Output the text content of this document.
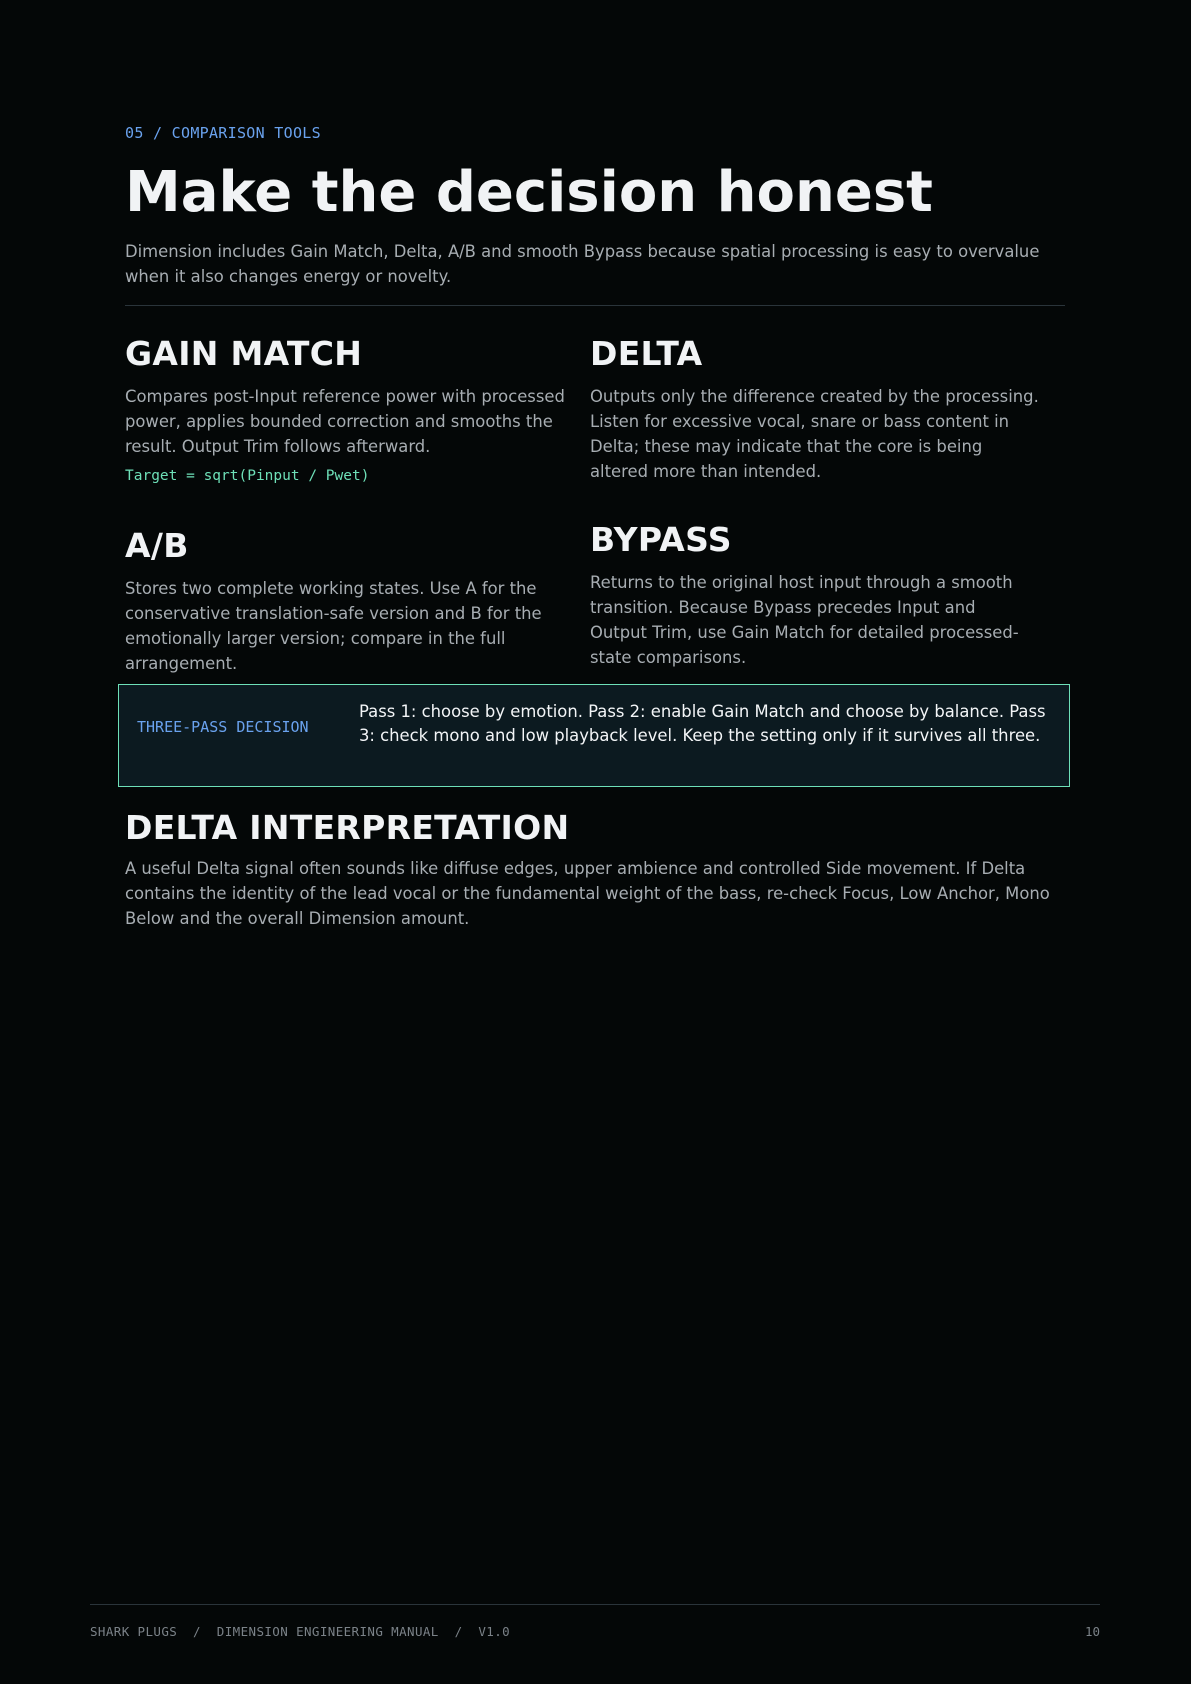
05 / COMPARISON TOOLS
Make the decision honest

Dimension includes Gain Match, Delta, A/B and smooth Bypass because spatial processing is easy to overvalue when it also changes energy or novelty.

GAIN MATCH

Compares post-Input reference power with processed power, applies bounded correction and smooths the result. Output Trim follows afterward.

Target = sqrt(Pinput / Pwet)
DELTA

Outputs only the difference created by the processing. Listen for excessive vocal, snare or bass content in Delta; these may indicate that the core is being altered more than intended.

A/B

Stores two complete working states. Use A for the conservative translation-safe version and B for the emotionally larger version; compare in the full arrangement.

BYPASS

Returns to the original host input through a smooth transition. Because Bypass precedes Input and Output Trim, use Gain Match for detailed processed-state comparisons.

DELTA INTERPRETATION

A useful Delta signal often sounds like diffuse edges, upper ambience and controlled Side movement. If Delta contains the identity of the lead vocal or the fundamental weight of the bass, re-check Focus, Low Anchor, Mono Below and the overall Dimension amount.

THREE-PASS DECISION

Pass 1: choose by emotion. Pass 2: enable Gain Match and choose by balance. Pass 3: check mono and low playback level. Keep the setting only if it survives all three.

SHARK PLUGS  /  DIMENSION ENGINEERING MANUAL  /  V1.0	10
